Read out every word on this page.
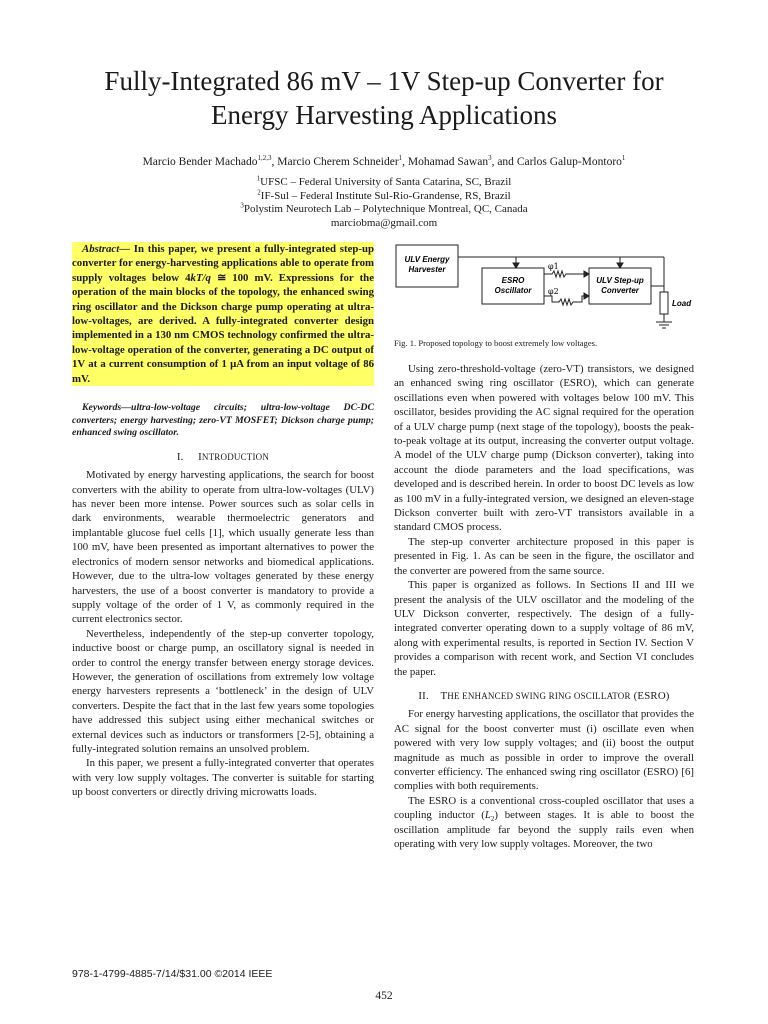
Fully-Integrated 86 mV – 1V Step-up Converter for
Energy Harvesting Applications
Marcio Bender Machado$^{1,2,3}$, Marcio Cherem Schneider$^1$, Mohamad Sawan$^3$, and Carlos Galup-Montoro$^1$
$^1$UFSC – Federal University of Santa Catarina, SC, Brazil
$^2$IF-Sul – Federal Institute Sul-Rio-Grandense, RS, Brazil
$^3$Polystim Neurotech Lab – Polytechnique Montreal, QC, Canada
marciobma@gmail.com

Abstract— In this paper, we present a fully-integrated step-up converter for energy-harvesting applications able to operate from supply voltages below 4kT/q ≅ 100 mV. Expressions for the operation of the main blocks of the topology, the enhanced swing ring oscillator and the Dickson charge pump operating at ultra-low-voltages, are derived. A fully-integrated converter design implemented in a 130 nm CMOS technology confirmed the ultra-low-voltage operation of the converter, generating a DC output of 1V at a current consumption of 1 μA from an input voltage of 86 mV.

Keywords—ultra-low-voltage circuits; ultra-low-voltage DC-DC converters; energy harvesting; zero-VT MOSFET; Dickson charge pump; enhanced swing oscillator.

I. INTRODUCTION

Motivated by energy harvesting applications, the search for boost converters with the ability to operate from ultra-low-voltages (ULV) has never been more intense. Power sources such as solar cells in dark environments, wearable thermoelectric generators and implantable glucose fuel cells [1], which usually generate less than 100 mV, have been presented as important alternatives to power the electronics of modern sensor networks and biomedical applications. However, due to the ultra-low voltages generated by these energy harvesters, the use of a boost converter is mandatory to provide a supply voltage of the order of 1 V, as commonly required in the current electronics sector.

Nevertheless, independently of the step-up converter topology, inductive boost or charge pump, an oscillatory signal is needed in order to control the energy transfer between energy storage devices. However, the generation of oscillations from extremely low voltage energy harvesters represents a ‘bottleneck’ in the design of ULV converters. Despite the fact that in the last few years some topologies have addressed this subject using either mechanical switches or external devices such as inductors or transformers [2-5], obtaining a fully-integrated solution remains an unsolved problem.

In this paper, we present a fully-integrated converter that operates with very low supply voltages. The converter is suitable for starting up boost converters or directly driving microwatts loads.

ULV Energy
Harvester
ESRO
Oscillator
ULV Step-up
Converter
φ1
φ2
Load
Fig. 1. Proposed topology to boost extremely low voltages.

Using zero-threshold-voltage (zero-VT) transistors, we designed an enhanced swing ring oscillator (ESRO), which can generate oscillations even when powered with voltages below 100 mV. This oscillator, besides providing the AC signal required for the operation of a ULV charge pump (next stage of the topology), boosts the peak-to-peak voltage at its output, increasing the converter output voltage. A model of the ULV charge pump (Dickson converter), taking into account the diode parameters and the load specifications, was developed and is described herein. In order to boost DC levels as low as 100 mV in a fully-integrated version, we designed an eleven-stage Dickson converter built with zero-VT transistors available in a standard CMOS process.

The step-up converter architecture proposed in this paper is presented in Fig. 1. As can be seen in the figure, the oscillator and the converter are powered from the same source.

This paper is organized as follows. In Sections II and III we present the analysis of the ULV oscillator and the modeling of the ULV Dickson converter, respectively. The design of a fully-integrated converter operating down to a supply voltage of 86 mV, along with experimental results, is reported in Section IV. Section V provides a comparison with recent work, and Section VI concludes the paper.

II. THE ENHANCED SWING RING OSCILLATOR (ESRO)

For energy harvesting applications, the oscillator that provides the AC signal for the boost converter must (i) oscillate even when powered with very low supply voltages; and (ii) boost the output magnitude as much as possible in order to improve the overall converter efficiency. The enhanced swing ring oscillator (ESRO) [6] complies with both requirements.

The ESRO is a conventional cross-coupled oscillator that uses a coupling inductor $(L_2)$ between stages. It is able to boost the oscillation amplitude far beyond the supply rails even when operating with very low supply voltages. Moreover, the two

978-1-4799-4885-7/14/$31.00 ©2014 IEEE
452
